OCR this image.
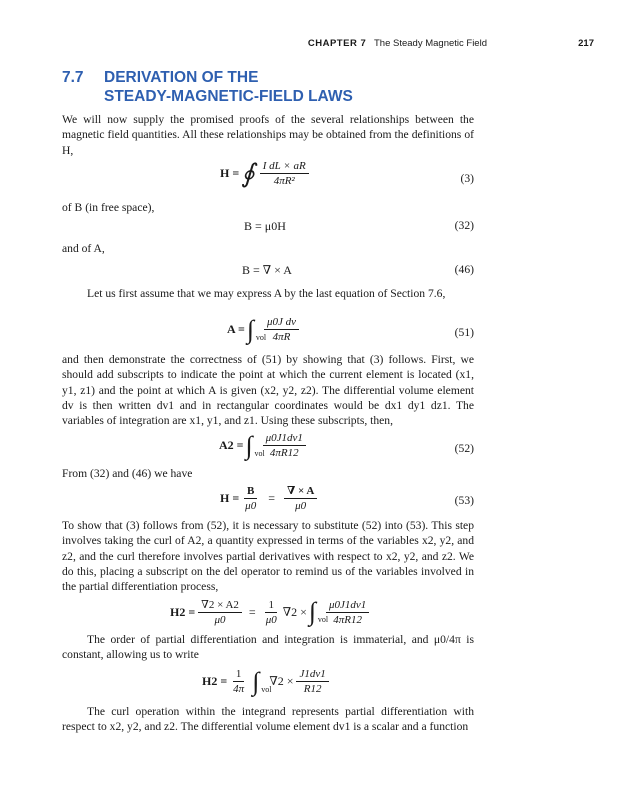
CHAPTER 7 The Steady Magnetic Field	217
7.7 DERIVATION OF THE
STEADY-MAGNETIC-FIELD LAWS
We will now supply the promised proofs of the several relationships between the magnetic field quantities. All these relationships may be obtained from the definitions of H,
H = ∮ $\frac{\text{I dL × aR}}{\text{4πR²}}$	(3)
of B (in free space),
B = μ0H	(32)
and of A,
B = ∇ × A	(46)
Let us first assume that we may express A by the last equation of Section 7.6,
A = ∫ vol
$\frac{\text{μ0J dv}}{4\pi R}$	(51)
and then demonstrate the correctness of (51) by showing that (3) follows. First, we should add subscripts to indicate the point at which the current element is located (x1, y1, z1) and the point at which A is given (x2, y2, z2). The differential volume element dv is then written dv1 and in rectangular coordinates would be dx1 dy1 dz1. The variables of integration are x1, y1, and z1. Using these subscripts, then,
A2 = ∫ vol
$\frac{\mu 0J1dv1}{4\pi R12}$	(52)
From (32) and (46) we have
$H = \frac{B}{\mu 0} = \frac{\nabla \times A}{\mu 0}$	(53)
To show that (3) follows from (52), it is necessary to substitute (52) into (53). This step involves taking the curl of A2, a quantity expressed in terms of the variables x2, y2, and z2, and the curl therefore involves partial derivatives with respect to x2, y2, and z2. We do this, placing a subscript on the del operator to remind us of the variables involved in the partial differentiation process,
$H2 = \frac{\nabla 2 \times A2}{\mu 0} = \frac{1}{\mu 0} \nabla 2$ × ∫ vol
$\frac{\mu 0J1dv1}{4\pi R12}$
The order of partial differentiation and integration is immaterial, and μ0/4π is constant, allowing us to write
$H2 = \frac{1}{4\pi}$ ∫ vol
$\nabla 2 \times \frac{J1dv1}{R12}$
The curl operation within the integrand represents partial differentiation with respect to x2, y2, and z2. The differential volume element dv1 is a scalar and a function
